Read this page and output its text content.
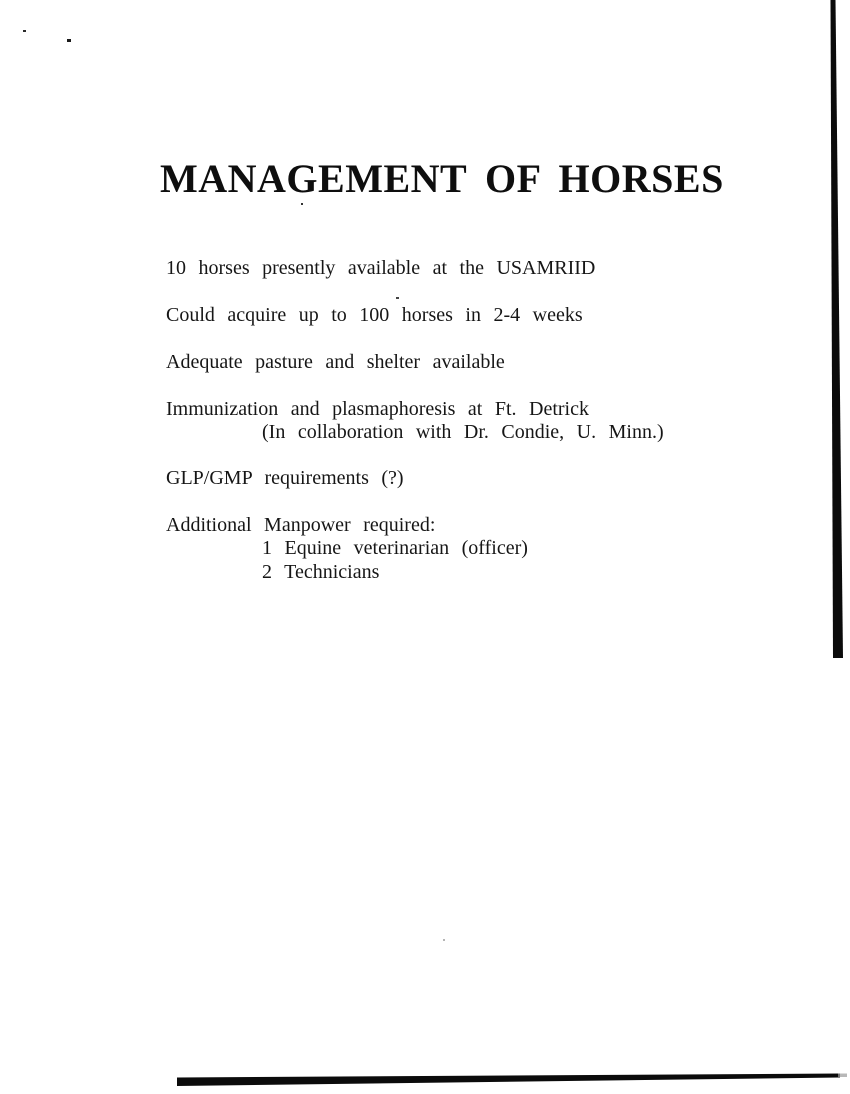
MANAGEMENT OF HORSES
10 horses presently available at the USAMRIID
Could acquire up to 100 horses in 2-4 weeks
Adequate pasture and shelter available
Immunization and plasmaphoresis at Ft. Detrick
(In collaboration with Dr. Condie, U. Minn.)
GLP/GMP requirements (?)
Additional Manpower required:
1 Equine veterinarian (officer)
2 Technicians
